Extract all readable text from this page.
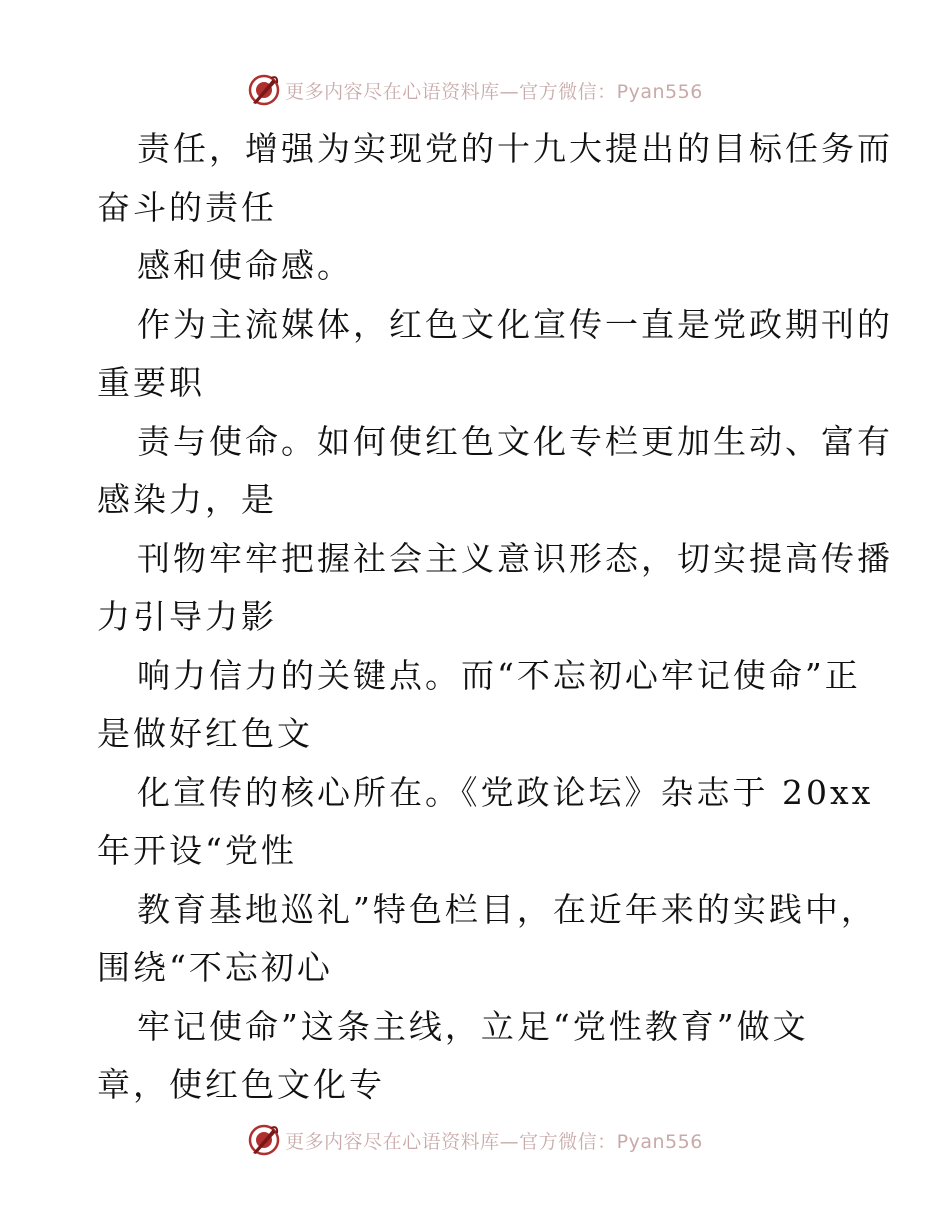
更多内容尽在心语资料库—官方微信：Pyan556
责任，增强为实现党的十九大提出的目标任务而
奋斗的责任
感和使命感。
作为主流媒体，红色文化宣传一直是党政期刊的
重要职
责与使命。如何使红色文化专栏更加生动、富有
感染力，是
刊物牢牢把握社会主义意识形态，切实提高传播
力引导力影
响力信力的关键点。而“不忘初心牢记使命”正
是做好红色文
化宣传的核心所在。《党政论坛》杂志于 20xx
年开设“党性
教育基地巡礼”特色栏目，在近年来的实践中，
围绕“不忘初心
牢记使命”这条主线，立足“党性教育”做文
章，使红色文化专
更多内容尽在心语资料库—官方微信：Pyan556
